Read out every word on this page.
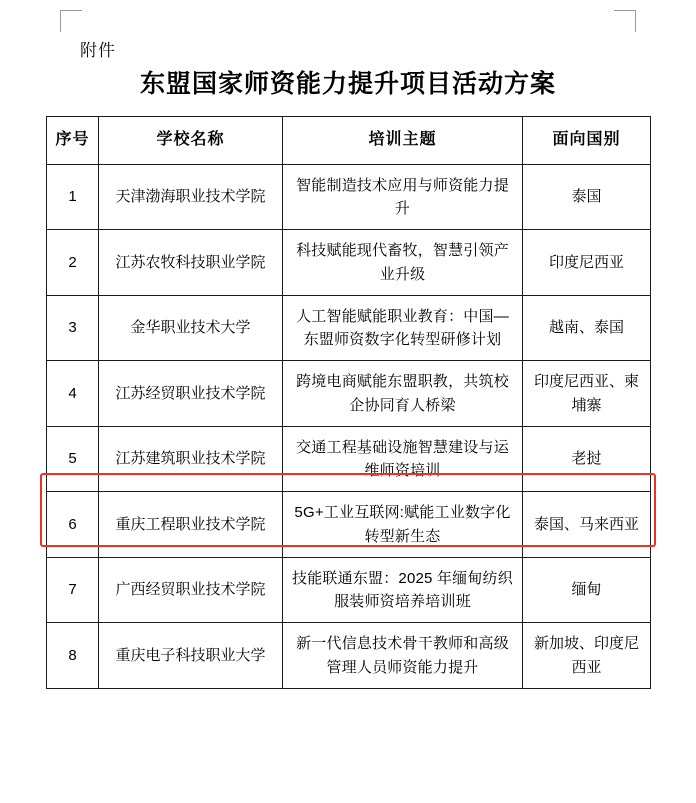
附件
东盟国家师资能力提升项目活动方案
序号	学校名称	培训主题	面向国别
1	天津渤海职业技术学院	智能制造技术应用与师资能力提升	泰国
2	江苏农牧科技职业学院	科技赋能现代畜牧，智慧引领产业升级	印度尼西亚
3	金华职业技术大学	人工智能赋能职业教育：中国—东盟师资数字化转型研修计划	越南、泰国
4	江苏经贸职业技术学院	跨境电商赋能东盟职教，共筑校企协同育人桥梁	印度尼西亚、柬埔寨
5	江苏建筑职业技术学院	交通工程基础设施智慧建设与运维师资培训	老挝
6	重庆工程职业技术学院	5G+工业互联网:赋能工业数字化转型新生态	泰国、马来西亚
7	广西经贸职业技术学院	技能联通东盟：2025 年缅甸纺织服装师资培养培训班	缅甸
8	重庆电子科技职业大学	新一代信息技术骨干教师和高级管理人员师资能力提升	新加坡、印度尼西亚
